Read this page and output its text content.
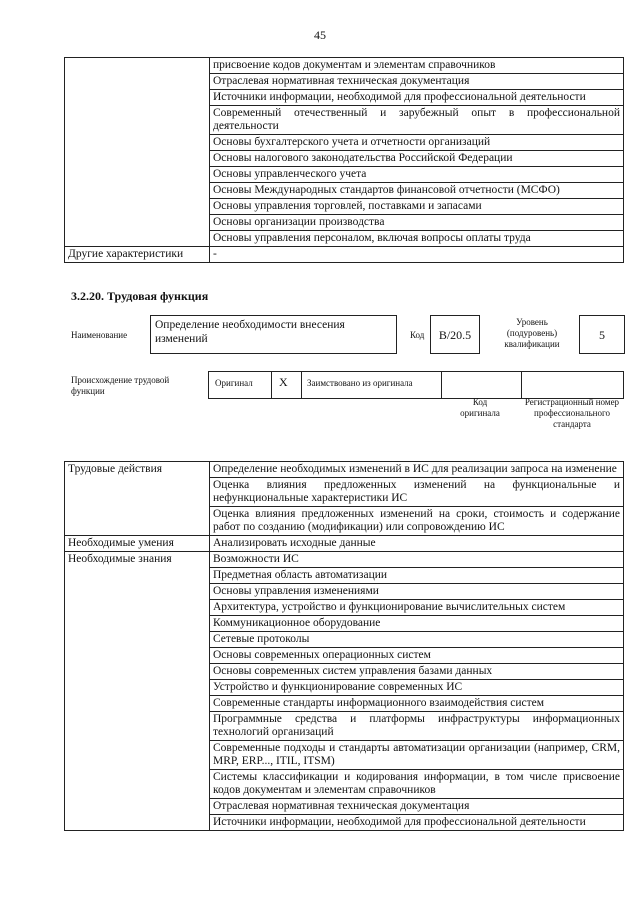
45
	присвоение кодов документам и элементам справочников
	Отраслевая нормативная техническая документация
	Источники информации, необходимой для профессиональной деятельности
	Современный отечественный и зарубежный опыт в профессиональной деятельности
	Основы бухгалтерского учета и отчетности организаций
	Основы налогового законодательства Российской Федерации
	Основы управленческого учета
	Основы Международных стандартов финансовой отчетности (МСФО)
	Основы управления торговлей, поставками и запасами
	Основы организации производства
	Основы управления персоналом, включая вопросы оплаты труда
Другие характеристики	-
3.2.20. Трудовая функция
Наименование
Определение необходимости внесения изменений	Код	B/20.5
Уровень (подуровень) квалификации
5
Происхождение трудовой функции
Оригинал X Заимствовано из оригинала
Код оригинала
Регистрационный номер профессионального стандарта
Трудовые действия	Определение необходимых изменений в ИС для реализации запроса на изменение
	Оценка влияния предложенных изменений на функциональные и нефункциональные характеристики ИС
	Оценка влияния предложенных изменений на сроки, стоимость и содержание работ по созданию (модификации) или сопровождению ИС
Необходимые умения	Анализировать исходные данные
Необходимые знания	Возможности ИС
	Предметная область автоматизации
	Основы управления изменениями
	Архитектура, устройство и функционирование вычислительных систем
	Коммуникационное оборудование
	Сетевые протоколы
	Основы современных операционных систем
	Основы современных систем управления базами данных
	Устройство и функционирование современных ИС
	Современные стандарты информационного взаимодействия систем
	Программные средства и платформы инфраструктуры информационных технологий организаций
	Современные подходы и стандарты автоматизации организации (например, CRM, MRP, ERP..., ITIL, ITSM)
	Системы классификации и кодирования информации, в том числе присвоение кодов документам и элементам справочников
	Отраслевая нормативная техническая документация
	Источники информации, необходимой для профессиональной деятельности
